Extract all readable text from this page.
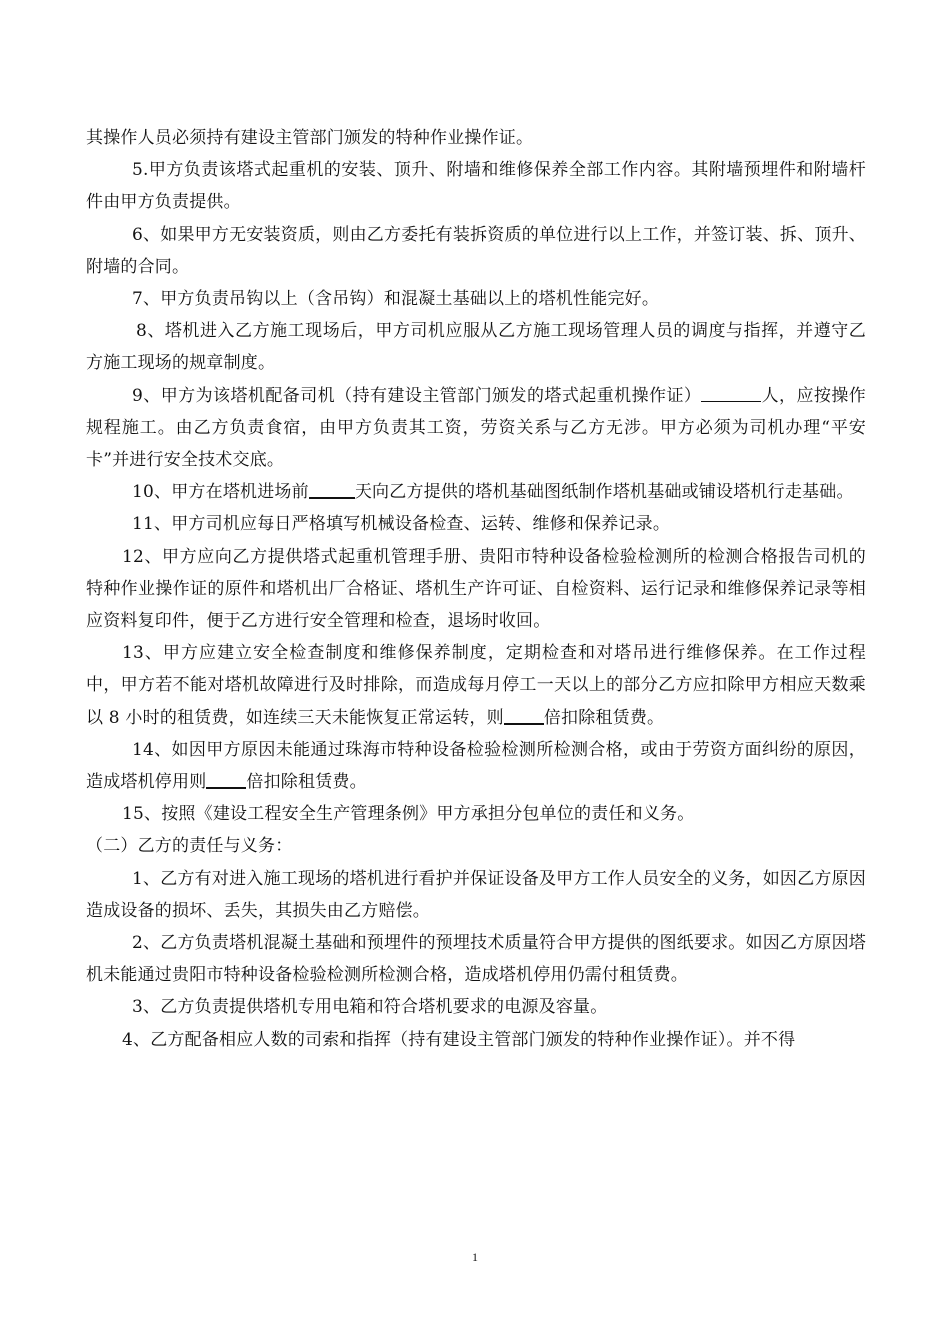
其操作人员必须持有建设主管部门颁发的特种作业操作证。

5.甲方负责该塔式起重机的安装、顶升、附墙和维修保养全部工作内容。其附墙预埋件和附墙杆件由甲方负责提供。

6、如果甲方无安装资质，则由乙方委托有装拆资质的单位进行以上工作，并签订装、拆、顶升、附墙的合同。

7、甲方负责吊钩以上（含吊钩）和混凝土基础以上的塔机性能完好。

8、塔机进入乙方施工现场后，甲方司机应服从乙方施工现场管理人员的调度与指挥，并遵守乙方施工现场的规章制度。

9、甲方为该塔机配备司机（持有建设主管部门颁发的塔式起重机操作证）	人，应按操作规程施工。由乙方负责食宿，由甲方负责其工资，劳资关系与乙方无涉。甲方必须为司机办理“平安卡”并进行安全技术交底。

10、甲方在塔机进场前	天向乙方提供的塔机基础图纸制作塔机基础或铺设塔机行走基础。

11、甲方司机应每日严格填写机械设备检查、运转、维修和保养记录。

12、甲方应向乙方提供塔式起重机管理手册、贵阳市特种设备检验检测所的检测合格报告司机的特种作业操作证的原件和塔机出厂合格证、塔机生产许可证、自检资料、运行记录和维修保养记录等相应资料复印件，便于乙方进行安全管理和检查，退场时收回。

13、甲方应建立安全检查制度和维修保养制度，定期检查和对塔吊进行维修保养。在工作过程中，甲方若不能对塔机故障进行及时排除，而造成每月停工一天以上的部分乙方应扣除甲方相应天数乘以 8 小时的租赁费，如连续三天未能恢复正常运转，则 倍扣除租赁费。

14、如因甲方原因未能通过珠海市特种设备检验检测所检测合格，或由于劳资方面纠纷的原因，造成塔机停用则 倍扣除租赁费。

15、按照《建设工程安全生产管理条例》甲方承担分包单位的责任和义务。

（二）乙方的责任与义务：

1、乙方有对进入施工现场的塔机进行看护并保证设备及甲方工作人员安全的义务，如因乙方原因造成设备的损坏、丢失，其损失由乙方赔偿。

2、乙方负责塔机混凝土基础和预埋件的预埋技术质量符合甲方提供的图纸要求。如因乙方原因塔机未能通过贵阳市特种设备检验检测所检测合格，造成塔机停用仍需付租赁费。

3、乙方负责提供塔机专用电箱和符合塔机要求的电源及容量。

4、乙方配备相应人数的司索和指挥（持有建设主管部门颁发的特种作业操作证）。并不得

1
